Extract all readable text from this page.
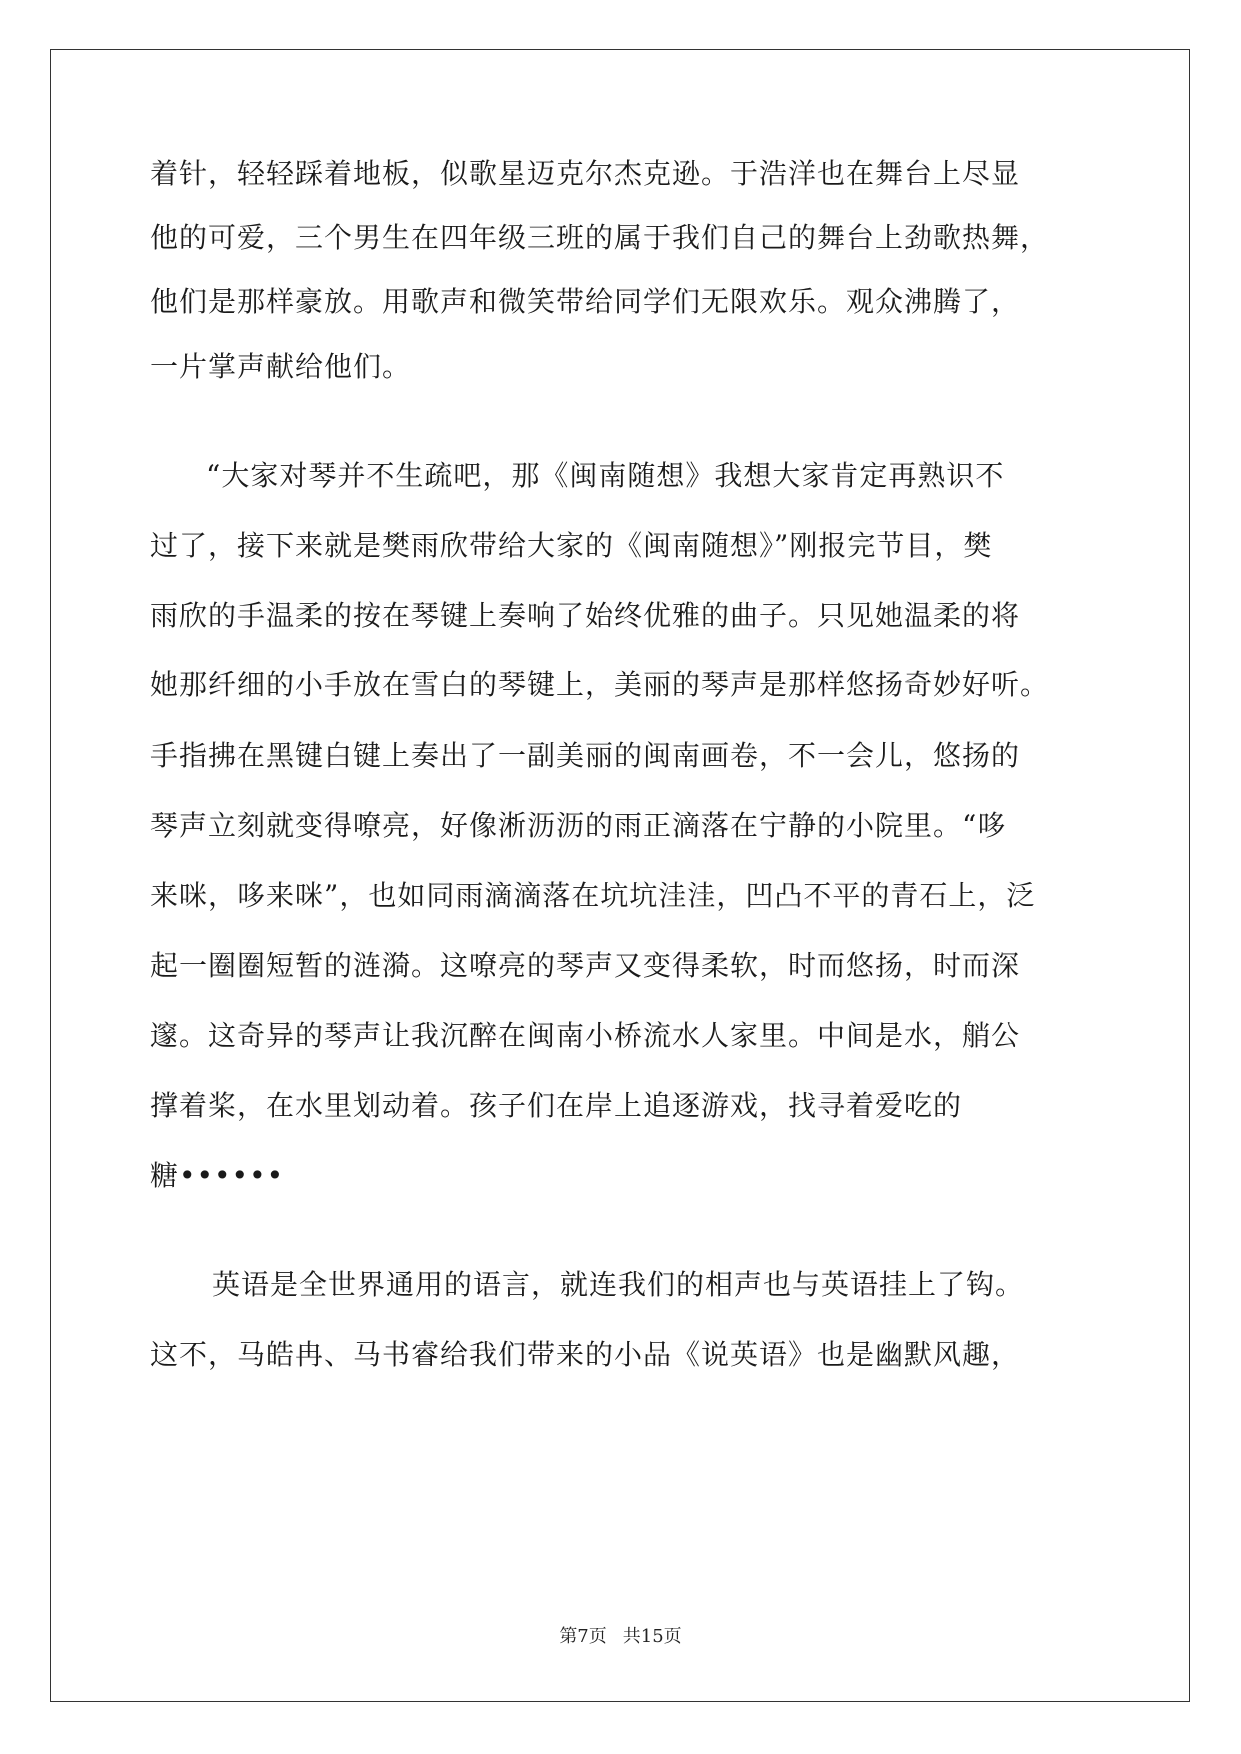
着针，轻轻踩着地板，似歌星迈克尔杰克逊。于浩洋也在舞台上尽显
他的可爱，三个男生在四年级三班的属于我们自己的舞台上劲歌热舞，
他们是那样豪放。用歌声和微笑带给同学们无限欢乐。观众沸腾了，
一片掌声献给他们。
“大家对琴并不生疏吧，那《闽南随想》我想大家肯定再熟识不
过了，接下来就是樊雨欣带给大家的《闽南随想》”刚报完节目，樊
雨欣的手温柔的按在琴键上奏响了始终优雅的曲子。只见她温柔的将
她那纤细的小手放在雪白的琴键上，美丽的琴声是那样悠扬奇妙好听。
手指拂在黑键白键上奏出了一副美丽的闽南画卷，不一会儿，悠扬的
琴声立刻就变得嘹亮，好像淅沥沥的雨正滴落在宁静的小院里。“哆
来咪，哆来咪”，也如同雨滴滴落在坑坑洼洼，凹凸不平的青石上，泛
起一圈圈短暂的涟漪。这嘹亮的琴声又变得柔软，时而悠扬，时而深
邃。这奇异的琴声让我沉醉在闽南小桥流水人家里。中间是水，艄公
撑着桨，在水里划动着。孩子们在岸上追逐游戏，找寻着爱吃的
糖••••••
英语是全世界通用的语言，就连我们的相声也与英语挂上了钩。
这不，马皓冉、马书睿给我们带来的小品《说英语》也是幽默风趣，
第7页 共15页
